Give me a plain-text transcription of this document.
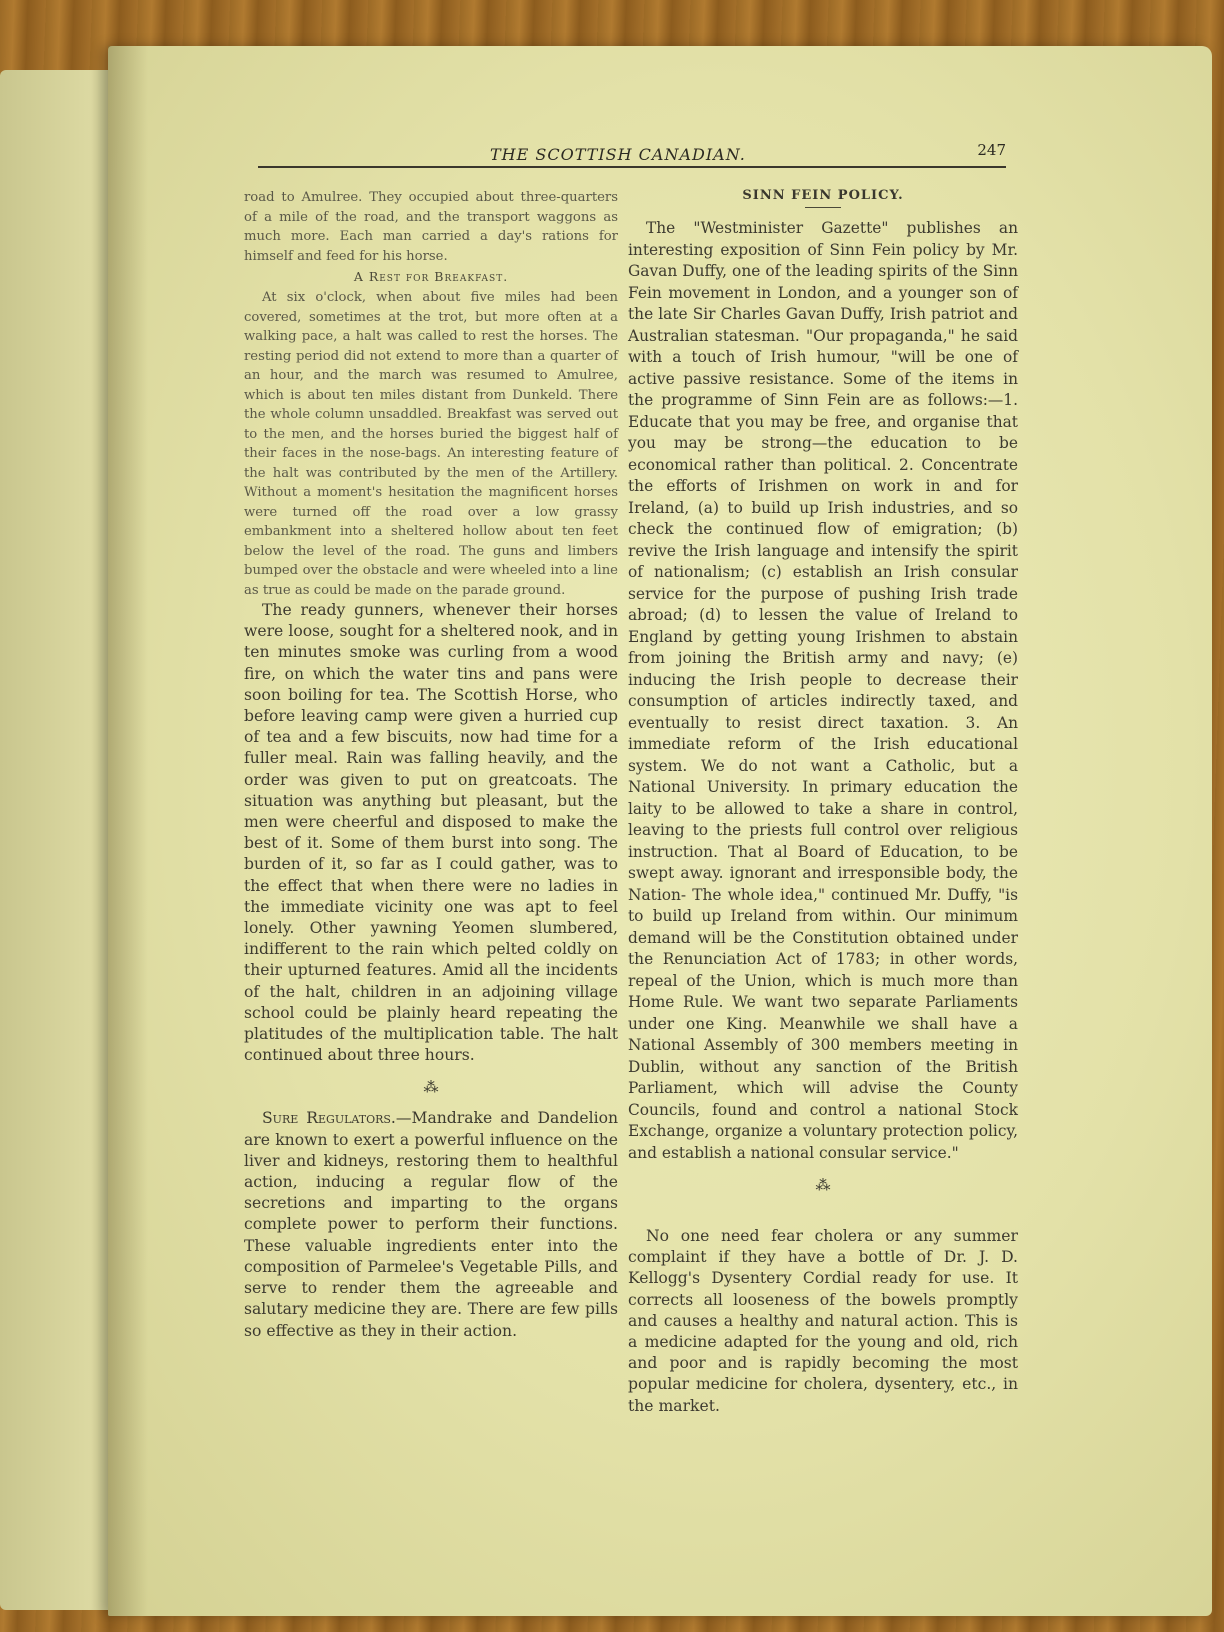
THE SCOTTISH CANADIAN.	247

road to Amulree. They occupied about three-quarters of a mile of the road, and the transport waggons as much more. Each man carried a day's rations for himself and feed for his horse.

A Rest for Breakfast.

At six o'clock, when about five miles had been covered, sometimes at the trot, but more often at a walking pace, a halt was called to rest the horses. The resting period did not extend to more than a quarter of an hour, and the march was resumed to Amulree, which is about ten miles distant from Dunkeld. There the whole column unsaddled. Breakfast was served out to the men, and the horses buried the biggest half of their faces in the nose-bags. An interesting feature of the halt was contributed by the men of the Artillery. Without a moment's hesitation the magnificent horses were turned off the road over a low grassy embankment into a sheltered hollow about ten feet below the level of the road. The guns and limbers bumped over the obstacle and were wheeled into a line as true as could be made on the parade ground.

The ready gunners, whenever their horses were loose, sought for a sheltered nook, and in ten minutes smoke was curling from a wood fire, on which the water tins and pans were soon boiling for tea. The Scottish Horse, who before leaving camp were given a hurried cup of tea and a few biscuits, now had time for a fuller meal. Rain was falling heavily, and the order was given to put on greatcoats. The situation was anything but pleasant, but the men were cheerful and disposed to make the best of it. Some of them burst into song. The burden of it, so far as I could gather, was to the effect that when there were no ladies in the immediate vicinity one was apt to feel lonely. Other yawning Yeomen slumbered, indifferent to the rain which pelted coldly on their upturned features. Amid all the incidents of the halt, children in an adjoining village school could be plainly heard repeating the platitudes of the multiplication table. The halt continued about three hours.

⁂

Sure Regulators.—Mandrake and Dandelion are known to exert a powerful influence on the liver and kidneys, restoring them to healthful action, inducing a regular flow of the secretions and imparting to the organs complete power to perform their functions. These valuable ingredients enter into the composition of Parmelee's Vegetable Pills, and serve to render them the agreeable and salutary medicine they are. There are few pills so effective as they in their action.

SINN FEIN POLICY.

The "Westminister Gazette" publishes an interesting exposition of Sinn Fein policy by Mr. Gavan Duffy, one of the leading spirits of the Sinn Fein movement in London, and a younger son of the late Sir Charles Gavan Duffy, Irish patriot and Australian statesman. "Our propaganda," he said with a touch of Irish humour, "will be one of active passive resistance. Some of the items in the programme of Sinn Fein are as follows:—1. Educate that you may be free, and organise that you may be strong—the education to be economical rather than political. 2. Concentrate the efforts of Irishmen on work in and for Ireland, (a) to build up Irish industries, and so check the continued flow of emigration; (b) revive the Irish language and intensify the spirit of nationalism; (c) establish an Irish consular service for the purpose of pushing Irish trade abroad; (d) to lessen the value of Ireland to England by getting young Irishmen to abstain from joining the British army and navy; (e) inducing the Irish people to decrease their consumption of articles indirectly taxed, and eventually to resist direct taxation. 3. An immediate reform of the Irish educational system. We do not want a Catholic, but a National University. In primary education the laity to be allowed to take a share in control, leaving to the priests full control over religious instruction. That al Board of Education, to be swept away. ignorant and irresponsible body, the Nation- The whole idea," continued Mr. Duffy, "is to build up Ireland from within. Our minimum demand will be the Constitution obtained under the Renunciation Act of 1783; in other words, repeal of the Union, which is much more than Home Rule. We want two separate Parliaments under one King. Meanwhile we shall have a National Assembly of 300 members meeting in Dublin, without any sanction of the British Parliament, which will advise the County Councils, found and control a national Stock Exchange, organize a voluntary protection policy, and establish a national consular service."

⁂

No one need fear cholera or any summer complaint if they have a bottle of Dr. J. D. Kellogg's Dysentery Cordial ready for use. It corrects all looseness of the bowels promptly and causes a healthy and natural action. This is a medicine adapted for the young and old, rich and poor and is rapidly becoming the most popular medicine for cholera, dysentery, etc., in the market.
